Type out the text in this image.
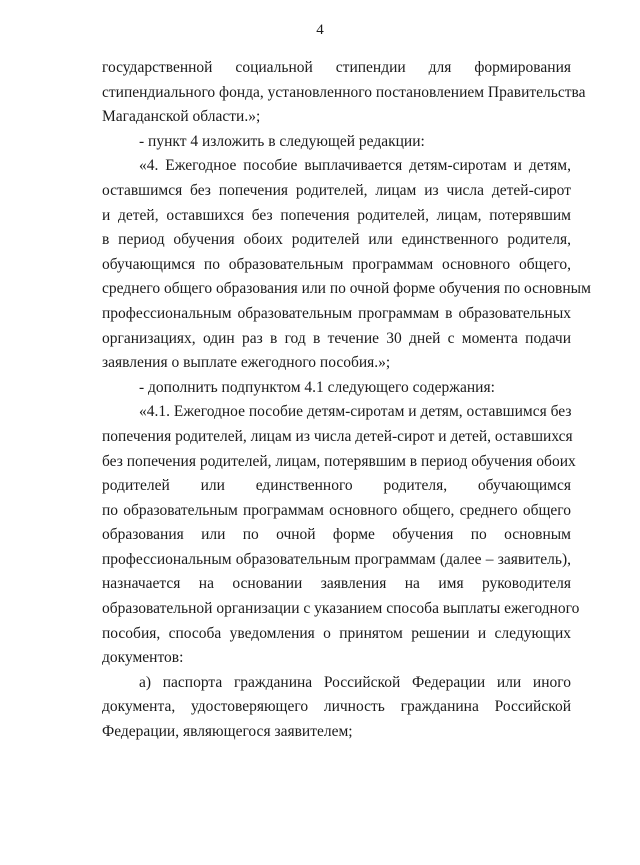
4
государственной социальной стипендии для формирования
стипендиального фонда, установленного постановлением Правительства
Магаданской области.»;
- пункт 4 изложить в следующей редакции:
«4. Ежегодное пособие выплачивается детям-сиротам и детям,
оставшимся без попечения родителей, лицам из числа детей-сирот
и детей, оставшихся без попечения родителей, лицам, потерявшим
в период обучения обоих родителей или единственного родителя,
обучающимся по образовательным программам основного общего,
среднего общего образования или по очной форме обучения по основным
профессиональным образовательным программам в образовательных
организациях, один раз в год в течение 30 дней с момента подачи
заявления о выплате ежегодного пособия.»;
- дополнить подпунктом 4.1 следующего содержания:
«4.1. Ежегодное пособие детям-сиротам и детям, оставшимся без
попечения родителей, лицам из числа детей-сирот и детей, оставшихся
без попечения родителей, лицам, потерявшим в период обучения обоих
родителей или единственного родителя, обучающимся
по образовательным программам основного общего, среднего общего
образования или по очной форме обучения по основным
профессиональным образовательным программам (далее – заявитель),
назначается на основании заявления на имя руководителя
образовательной организации с указанием способа выплаты ежегодного
пособия, способа уведомления о принятом решении и следующих
документов:
а) паспорта гражданина Российской Федерации или иного
документа, удостоверяющего личность гражданина Российской
Федерации, являющегося заявителем;
